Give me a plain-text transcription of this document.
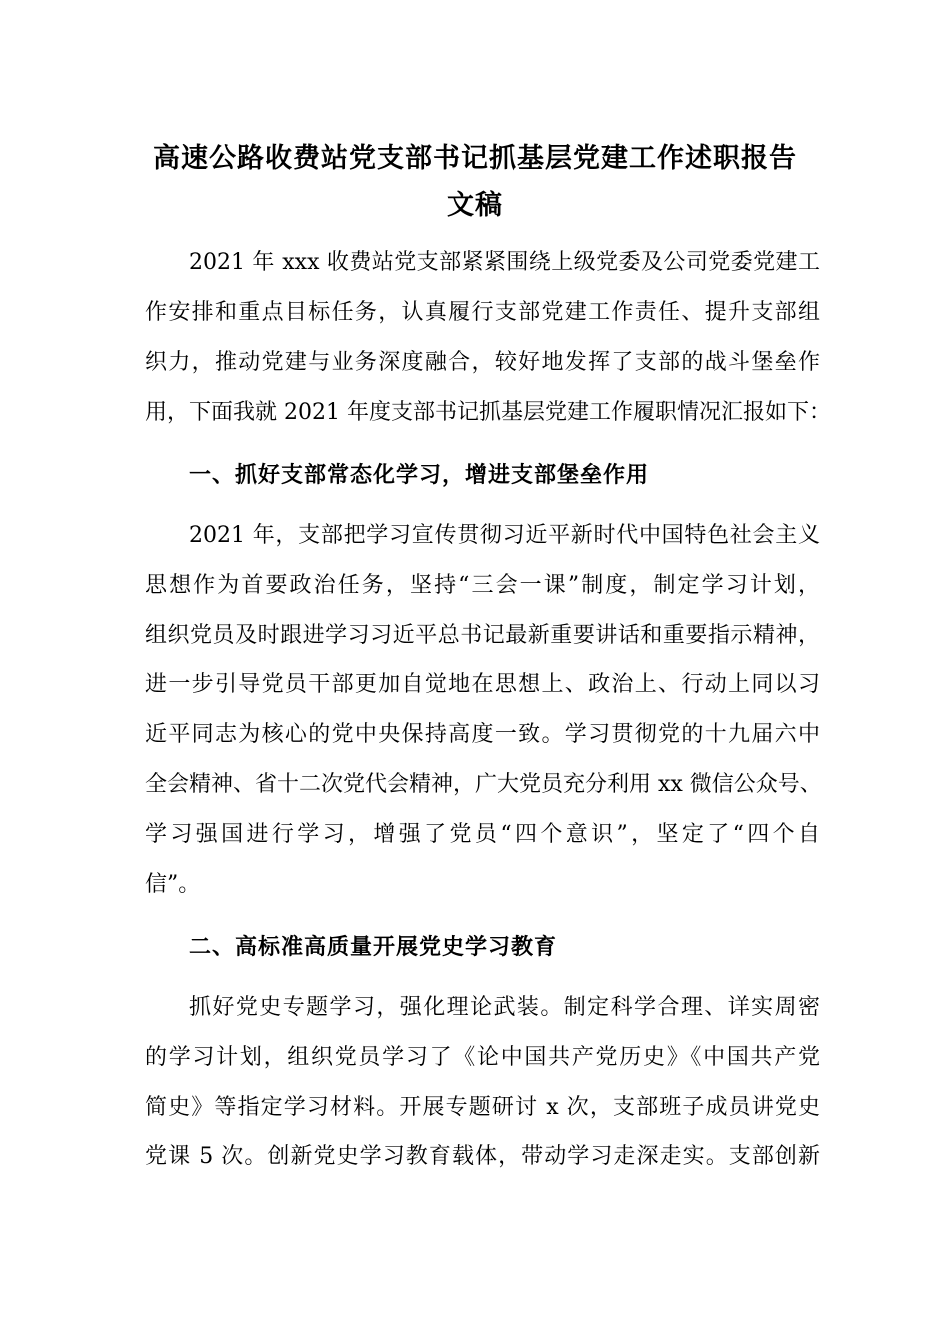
高速公路收费站党支部书记抓基层党建工作述职报告
文稿
2021 年 xxx 收费站党支部紧紧围绕上级党委及公司党委党建工
作安排和重点目标任务，认真履行支部党建工作责任、提升支部组
织力，推动党建与业务深度融合，较好地发挥了支部的战斗堡垒作
用，下面我就 2021 年度支部书记抓基层党建工作履职情况汇报如下：
一、抓好支部常态化学习，增进支部堡垒作用
2021 年，支部把学习宣传贯彻习近平新时代中国特色社会主义
思想作为首要政治任务，坚持“三会一课”制度，制定学习计划，
组织党员及时跟进学习习近平总书记最新重要讲话和重要指示精神，
进一步引导党员干部更加自觉地在思想上、政治上、行动上同以习
近平同志为核心的党中央保持高度一致。学习贯彻党的十九届六中
全会精神、省十二次党代会精神，广大党员充分利用 xx 微信公众号、
学习强国进行学习，增强了党员“四个意识”，坚定了“四个自
信”。
二、高标准高质量开展党史学习教育
抓好党史专题学习，强化理论武装。制定科学合理、详实周密
的学习计划，组织党员学习了《论中国共产党历史》《中国共产党
简史》等指定学习材料。开展专题研讨 x 次，支部班子成员讲党史
党课 5 次。创新党史学习教育载体，带动学习走深走实。支部创新
